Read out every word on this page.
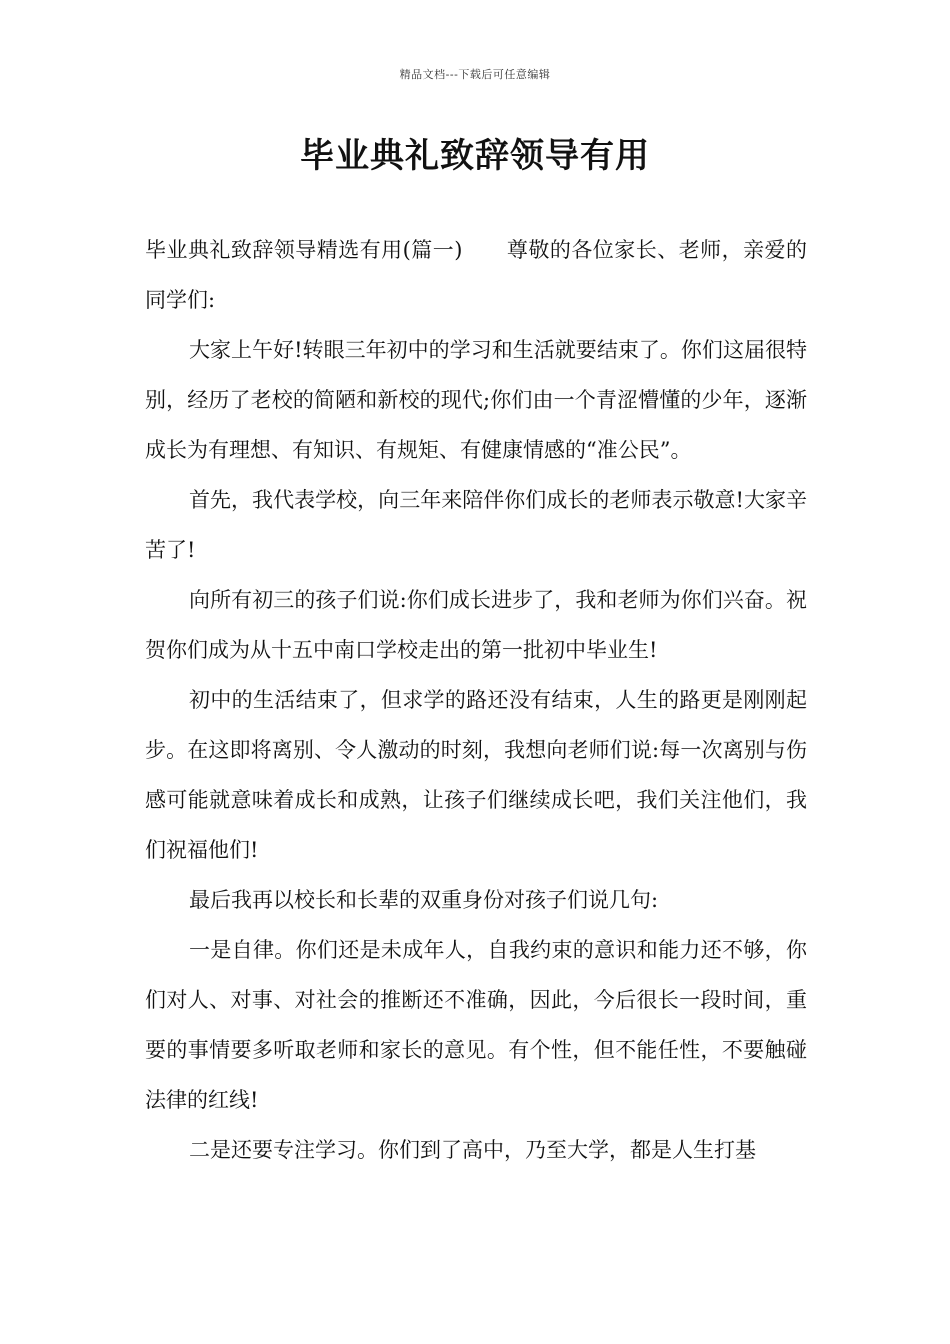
精品文档---下载后可任意编辑
毕业典礼致辞领导有用

毕业典礼致辞领导精选有用(篇一) 尊敬的各位家长、老师，亲爱的同学们:

大家上午好!转眼三年初中的学习和生活就要结束了。你们这届很特别，经历了老校的简陋和新校的现代;你们由一个青涩懵懂的少年，逐渐成长为有理想、有知识、有规矩、有健康情感的“准公民”。

首先，我代表学校，向三年来陪伴你们成长的老师表示敬意!大家辛苦了!

向所有初三的孩子们说:你们成长进步了，我和老师为你们兴奋。祝贺你们成为从十五中南口学校走出的第一批初中毕业生!

初中的生活结束了，但求学的路还没有结束，人生的路更是刚刚起步。在这即将离别、令人激动的时刻，我想向老师们说:每一次离别与伤感可能就意味着成长和成熟，让孩子们继续成长吧，我们关注他们，我们祝福他们!

最后我再以校长和长辈的双重身份对孩子们说几句:

一是自律。你们还是未成年人，自我约束的意识和能力还不够，你们对人、对事、对社会的推断还不准确，因此，今后很长一段时间，重要的事情要多听取老师和家长的意见。有个性，但不能任性，不要触碰法律的红线!

二是还要专注学习。你们到了高中，乃至大学，都是人生打基
